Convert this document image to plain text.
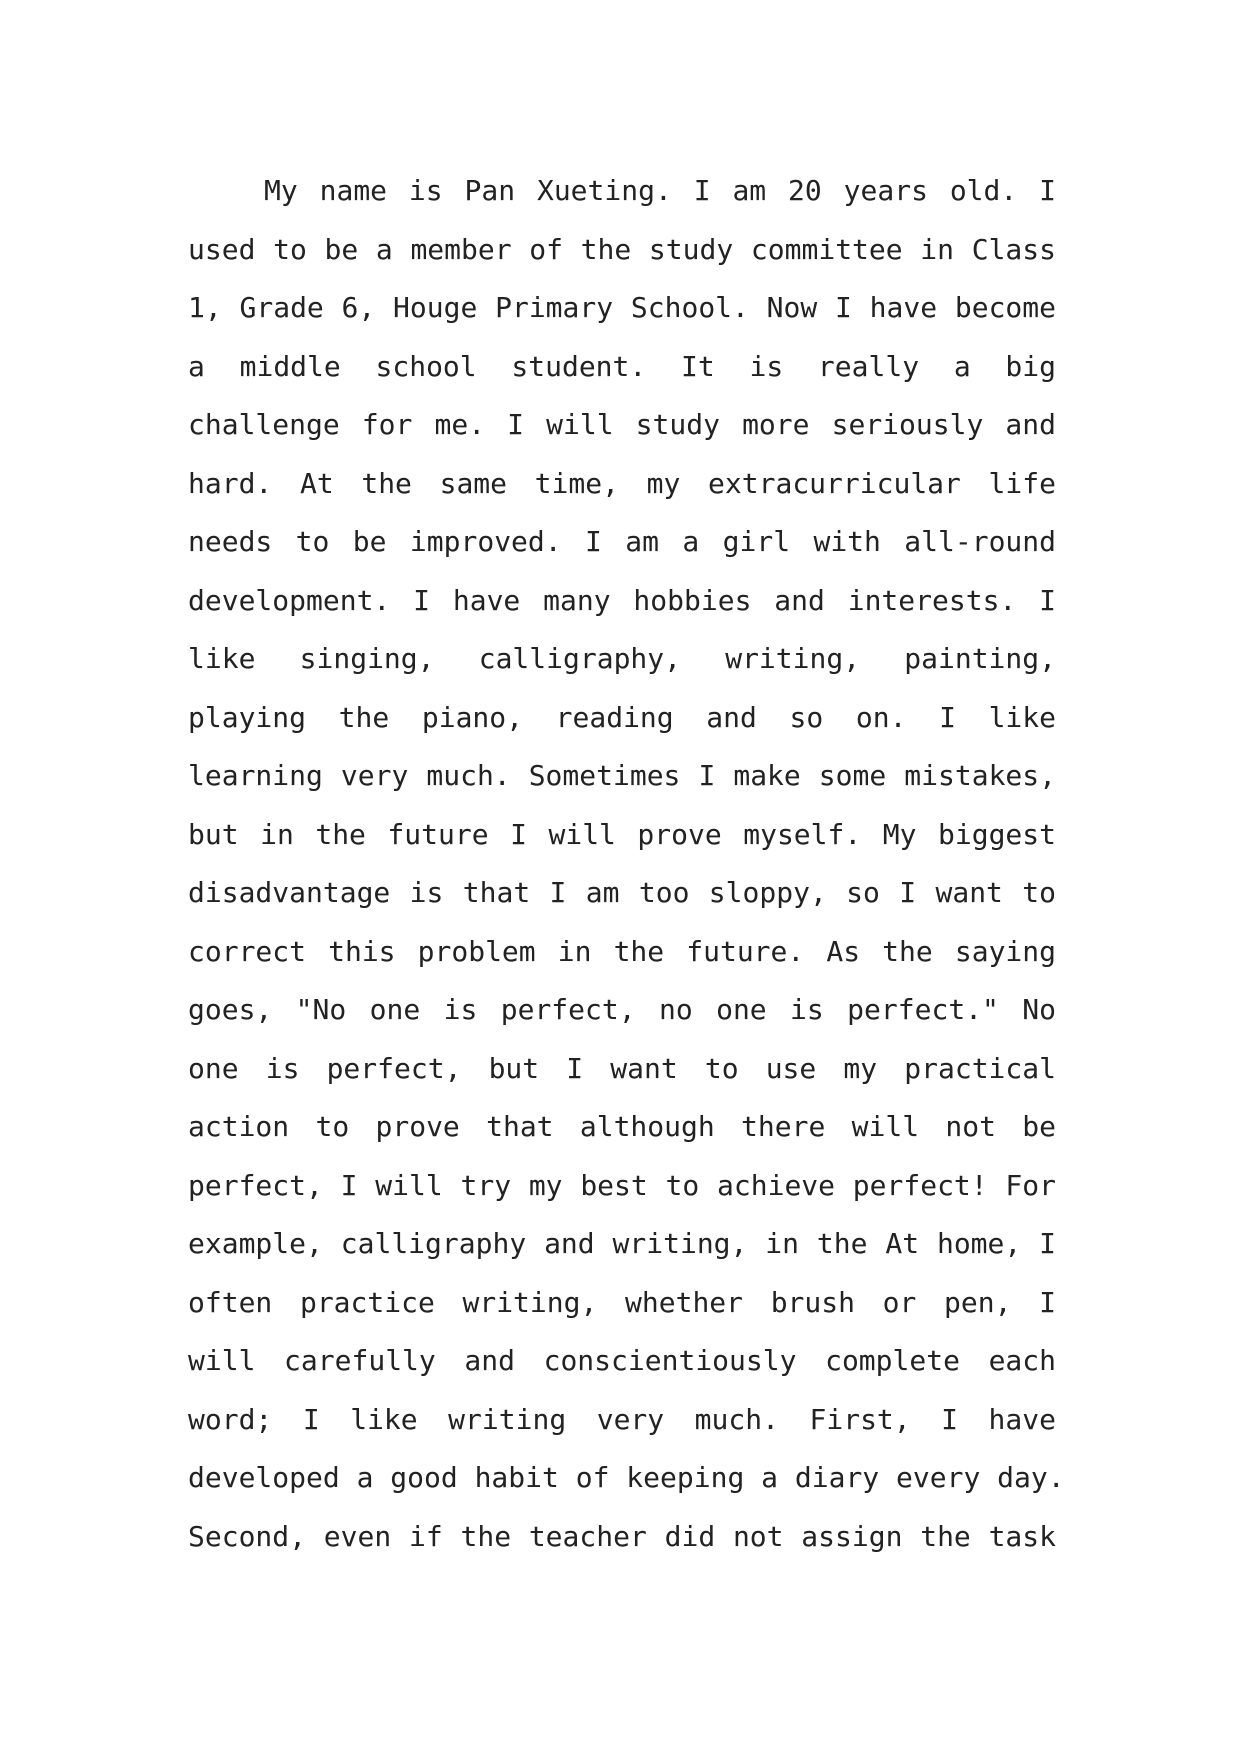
My name is Pan Xueting. I am 20 years old. I
used to be a member of the study committee in Class
1, Grade 6, Houge Primary School. Now I have become
a middle school student. It is really a big
challenge for me. I will study more seriously and
hard. At the same time, my extracurricular life
needs to be improved. I am a girl with all-round
development. I have many hobbies and interests. I
like singing, calligraphy, writing, painting,
playing the piano, reading and so on. I like
learning very much. Sometimes I make some mistakes,
but in the future I will prove myself. My biggest
disadvantage is that I am too sloppy, so I want to
correct this problem in the future. As the saying
goes, "No one is perfect, no one is perfect." No
one is perfect, but I want to use my practical
action to prove that although there will not be
perfect, I will try my best to achieve perfect! For
example, calligraphy and writing, in the At home, I
often practice writing, whether brush or pen, I
will carefully and conscientiously complete each
word; I like writing very much. First, I have
developed a good habit of keeping a diary every day.
Second, even if the teacher did not assign the task
